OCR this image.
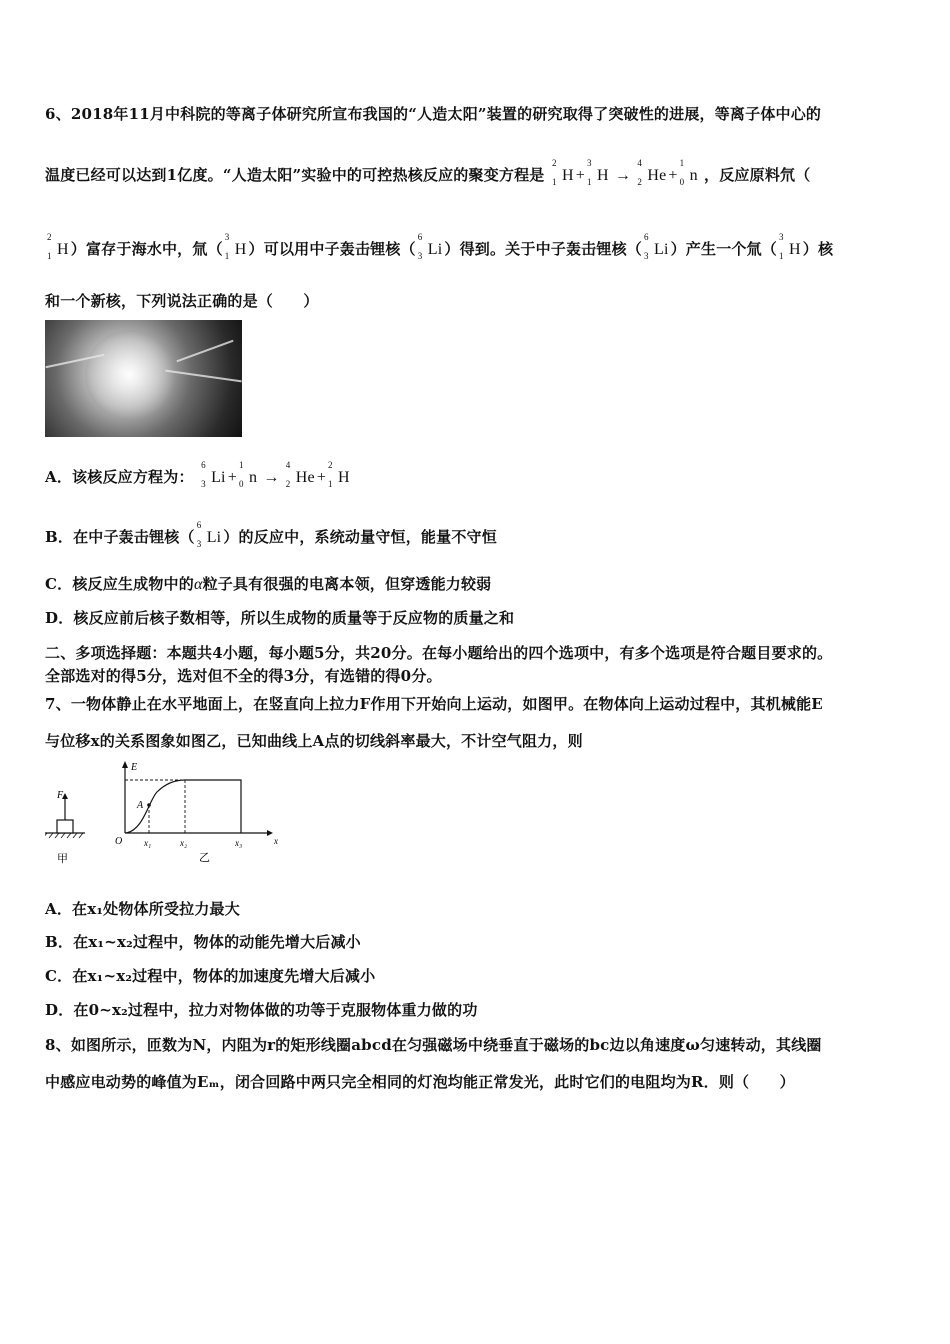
6、2018年11月中科院的等离子体研究所宣布我国的“人造太阳”装置的研究取得了突破性的进展，等离子体中心的
温度已经可以达到1亿度。“人造太阳”实验中的可控热核反应的聚变方程是
2
1 H +
3
1 H →
4
2 He +
1
0 n ，反应原料氘（
2
1 H ）富存于海水中，氚（
3
1 H ）可以用中子轰击锂核（
6
3 Li ）得到。关于中子轰击锂核（
6
3 Li ）产生一个氚（
3
1 H ）核
和一个新核，下列说法正确的是（　　）
A．该核反应方程为：
6
3 Li +
1
0 n →
4
2 He +
2
1 H
B．在中子轰击锂核（
6
3 Li ）的反应中，系统动量守恒，能量不守恒
C．核反应生成物中的α粒子具有很强的电离本领，但穿透能力较弱
D．核反应前后核子数相等，所以生成物的质量等于反应物的质量之和
二、多项选择题：本题共4小题，每小题5分，共20分。在每小题给出的四个选项中，有多个选项是符合题目要求的。
全部选对的得5分，选对但不全的得3分，有选错的得0分。
7、一物体静止在水平地面上，在竖直向上拉力F作用下开始向上运动，如图甲。在物体向上运动过程中，其机械能E
与位移x的关系图象如图乙，已知曲线上A点的切线斜率最大，不计空气阻力，则
F
甲
E
O	x
A
x₁	x₂	x₃
乙
A．在x₁处物体所受拉力最大
B．在x₁~x₂过程中，物体的动能先增大后减小
C．在x₁~x₂过程中，物体的加速度先增大后减小
D．在0~x₂过程中，拉力对物体做的功等于克服物体重力做的功
8、如图所示，匝数为N，内阻为r的矩形线圈abcd在匀强磁场中绕垂直于磁场的bc边以角速度ω匀速转动，其线圈
中感应电动势的峰值为Eₘ，闭合回路中两只完全相同的灯泡均能正常发光，此时它们的电阻均为R．则（　　）
